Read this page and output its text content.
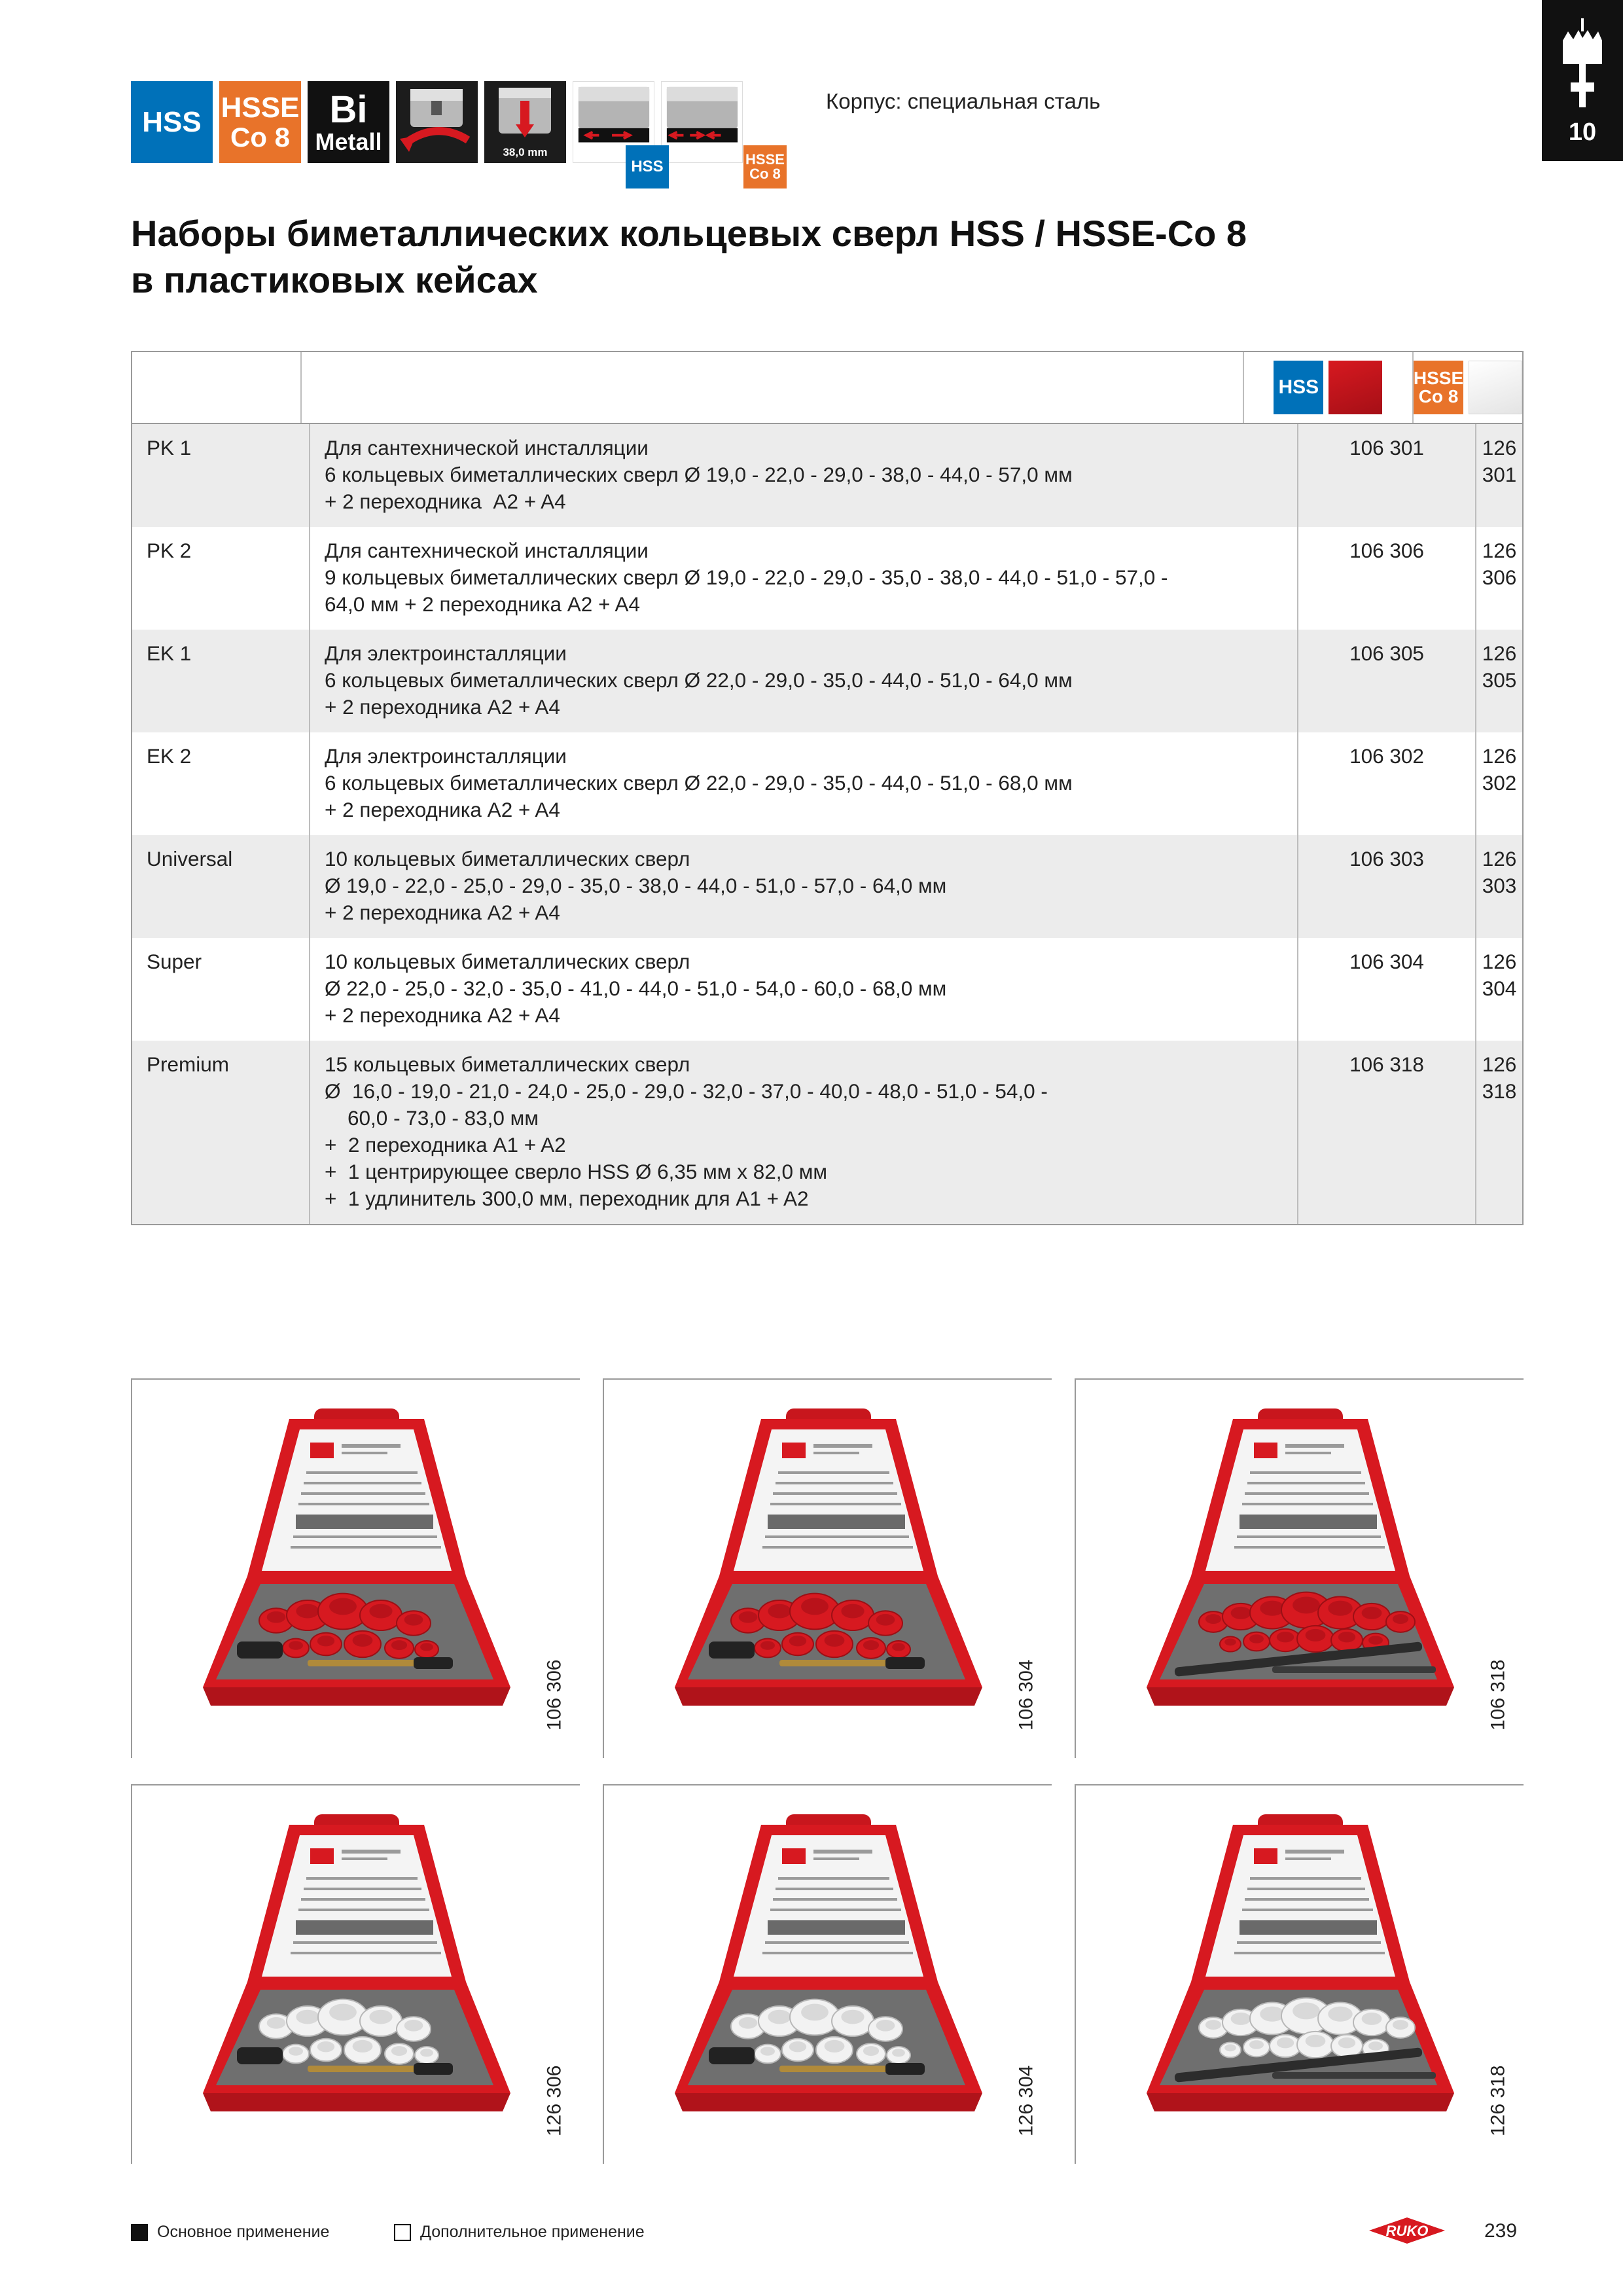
HSS HSSE
Co 8
Bi
Metall	38,0 mm
HSS	HSSE
Co 8
Корпус: специальная сталь
10
Наборы биметаллических кольцевых сверл HSS / HSSE-Co 8
в пластиковых кейсах
HSS	HSSE
Co 8
PK 1	Для сантехнической инсталляции
6 кольцевых биметаллических сверл Ø 19,0 - 22,0 - 29,0 - 38,0 - 44,0 - 57,0 мм
+ 2 переходника  A2 + A4
106 301	126 301
PK 2	Для сантехнической инсталляции
9 кольцевых биметаллических сверл Ø 19,0 - 22,0 - 29,0 - 35,0 - 38,0 - 44,0 - 51,0 - 57,0 -
64,0 мм + 2 переходника A2 + A4
106 306	126 306
EK 1	Для электроинсталляции
6 кольцевых биметаллических сверл Ø 22,0 - 29,0 - 35,0 - 44,0 - 51,0 - 64,0 мм
+ 2 переходника A2 + A4
106 305	126 305
EK 2	Для электроинсталляции
6 кольцевых биметаллических сверл Ø 22,0 - 29,0 - 35,0 - 44,0 - 51,0 - 68,0 мм
+ 2 переходника A2 + A4
106 302	126 302
Universal	10 кольцевых биметаллических сверл
Ø 19,0 - 22,0 - 25,0 - 29,0 - 35,0 - 38,0 - 44,0 - 51,0 - 57,0 - 64,0 мм
+ 2 переходника A2 + A4
106 303	126 303
Super	10 кольцевых биметаллических сверл
Ø 22,0 - 25,0 - 32,0 - 35,0 - 41,0 - 44,0 - 51,0 - 54,0 - 60,0 - 68,0 мм
+ 2 переходника A2 + A4
106 304	126 304
Premium	15 кольцевых биметаллических сверл
Ø  16,0 - 19,0 - 21,0 - 24,0 - 25,0 - 29,0 - 32,0 - 37,0 - 40,0 - 48,0 - 51,0 - 54,0 -
60,0 - 73,0 - 83,0 мм
+  2 переходника A1 + A2
+  1 центрирующее сверло HSS Ø 6,35 мм x 82,0 мм
+  1 удлинитель 300,0 мм, переходник для A1 + A2
106 318	126 318
106 306	106 304	106 318
126 306	126 304	126 318
Основное применение	Дополнительное применение	RUKO	239
